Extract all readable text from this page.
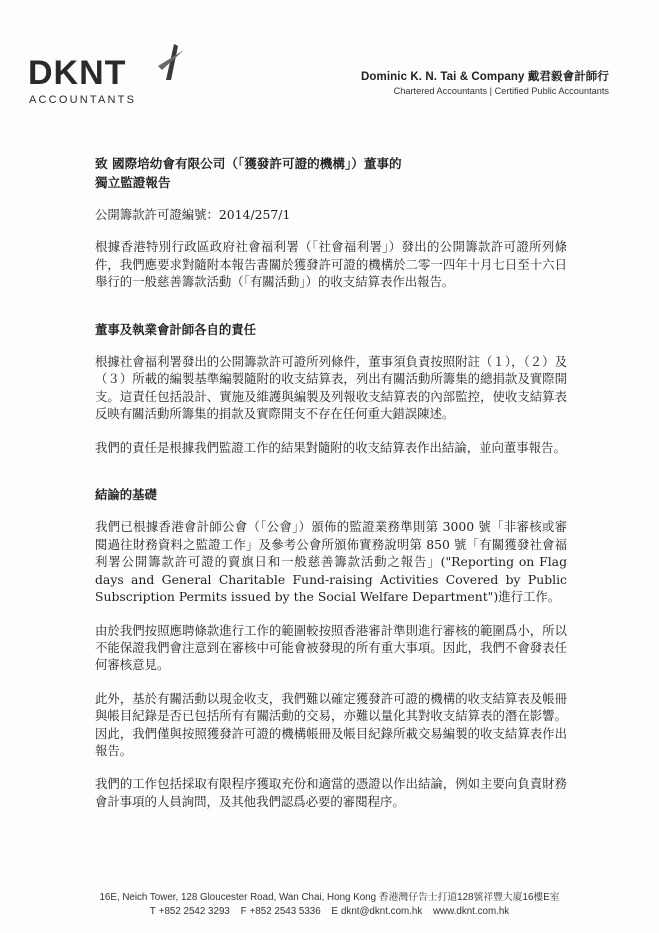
DKNT
ACCOUNTANTS
Dominic K. N. Tai & Company 戴君毅會計師行
Chartered Accountants | Certified Public Accountants
致 國際培幼會有限公司（「獲發許可證的機構」）董事的
獨立監證報告

公開籌款許可證編號：2014/257/1

根據香港特別行政區政府社會福利署（「社會福利署」）發出的公開籌款許可證所列條件，我們應要求對隨附本報告書關於獲發許可證的機構於二零一四年十月七日至十六日舉行的一般慈善籌款活動（「有關活動」）的收支結算表作出報告。

董事及執業會計師各自的責任

根據社會福利署發出的公開籌款許可證所列條件，董事須負責按照附註（１），（２）及（３）所載的編製基準編製隨附的收支結算表，列出有關活動所籌集的總捐款及實際開支。這責任包括設計、實施及維護與編製及列報收支結算表的內部監控，使收支結算表反映有關活動所籌集的捐款及實際開支不存在任何重大錯誤陳述。

我們的責任是根據我們監證工作的結果對隨附的收支結算表作出結論，並向董事報告。

結論的基礎

我們已根據香港會計師公會（「公會」）頒佈的監證業務準則第 3000 號「非審核或審閱過往財務資料之監證工作」及參考公會所頒佈實務說明第 850 號「有關獲發社會福利署公開籌款許可證的賣旗日和一般慈善籌款活動之報告」("Reporting on Flag days and General Charitable Fund-raising Activities Covered by Public Subscription Permits issued by the Social Welfare Department")進行工作。

由於我們按照應聘條款進行工作的範圍較按照香港審計準則進行審核的範圍爲小，所以不能保證我們會注意到在審核中可能會被發現的所有重大事項。因此，我們不會發表任何審核意見。

此外，基於有關活動以現金收支，我們難以確定獲發許可證的機構的收支結算表及帳冊與帳目紀錄是否已包括所有有關活動的交易，亦難以量化其對收支結算表的潛在影響。因此，我們僅與按照獲發許可證的機構帳冊及帳目紀錄所載交易編製的收支結算表作出報告。

我們的工作包括採取有限程序獲取充份和適當的憑證以作出結論，例如主要向負責財務會計事項的人員詢問，及其他我們認爲必要的審閱程序。

16E, Neich Tower, 128 Gloucester Road, Wan Chai, Hong Kong 香港灣仔告士打道128號祥豐大廈16樓E室
T +852 2542 3293 F +852 2543 5336 E dknt@dknt.com.hk www.dknt.com.hk
